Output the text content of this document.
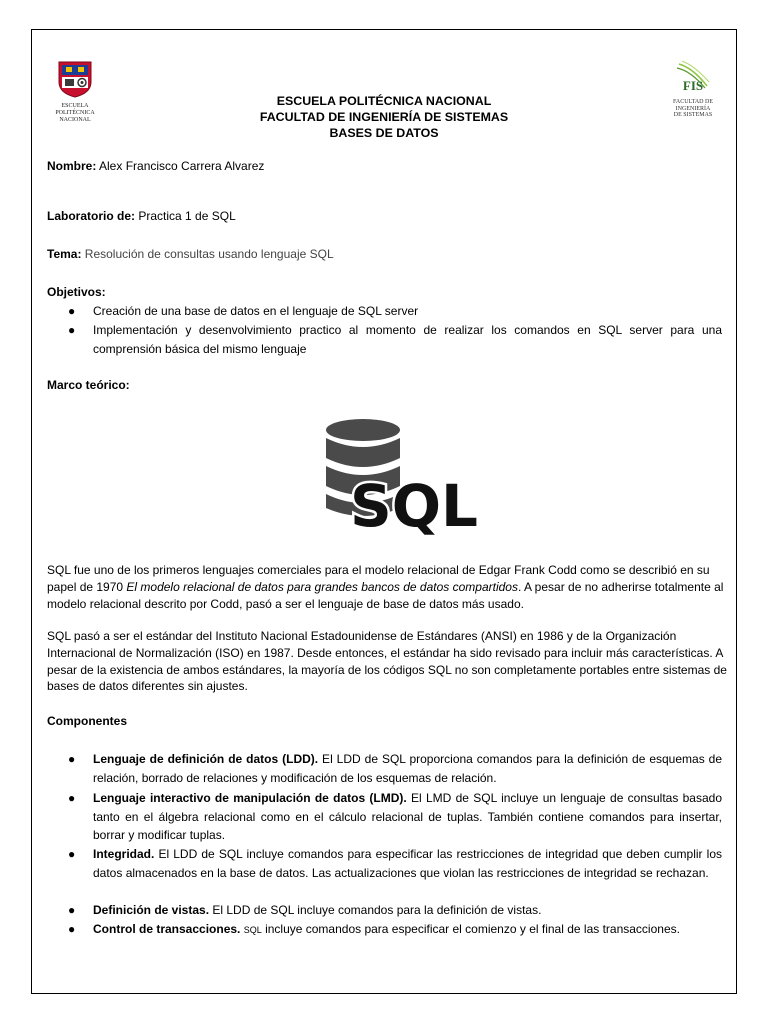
ESCUELA
POLITÉCNICA
NACIONAL
FIS
FACULTAD DE
INGENIERÍA
DE SISTEMAS
ESCUELA POLITÉCNICA NACIONAL
FACULTAD DE INGENIERÍA DE SISTEMAS
BASES DE DATOS
Nombre: Alex Francisco Carrera Alvarez
Laboratorio de: Practica 1 de SQL
Tema: Resolución de consultas usando lenguaje SQL
Objetivos:
● Creación de una base de datos en el lenguaje de SQL server
● Implementación y desenvolvimiento practico al momento de realizar los comandos en SQL server para una comprensión básica del mismo lenguaje
Marco teórico:
SQL

SQL fue uno de los primeros lenguajes comerciales para el modelo relacional de Edgar Frank Codd como se describió en su papel de 1970 El modelo relacional de datos para grandes bancos de datos compartidos. A pesar de no adherirse totalmente al modelo relacional descrito por Codd, pasó a ser el lenguaje de base de datos más usado.

SQL pasó a ser el estándar del Instituto Nacional Estadounidense de Estándares (ANSI) en 1986 y de la Organización Internacional de Normalización (ISO) en 1987. Desde entonces, el estándar ha sido revisado para incluir más características. A pesar de la existencia de ambos estándares, la mayoría de los códigos SQL no son completamente portables entre sistemas de bases de datos diferentes sin ajustes.

Componentes
● Lenguaje de definición de datos (LDD). El LDD de SQL proporciona comandos para la definición de esquemas de relación, borrado de relaciones y modificación de los esquemas de relación.
● Lenguaje interactivo de manipulación de datos (LMD). El LMD de SQL incluye un lenguaje de consultas basado tanto en el álgebra relacional como en el cálculo relacional de tuplas. También contiene comandos para insertar, borrar y modificar tuplas.
● Integridad. El LDD de SQL incluye comandos para especificar las restricciones de integridad que deben cumplir los datos almacenados en la base de datos. Las actualizaciones que violan las restricciones de integridad se rechazan.
● Definición de vistas. El LDD de SQL incluye comandos para la definición de vistas.
● Control de transacciones. SQL incluye comandos para especificar el comienzo y el final de las transacciones.
